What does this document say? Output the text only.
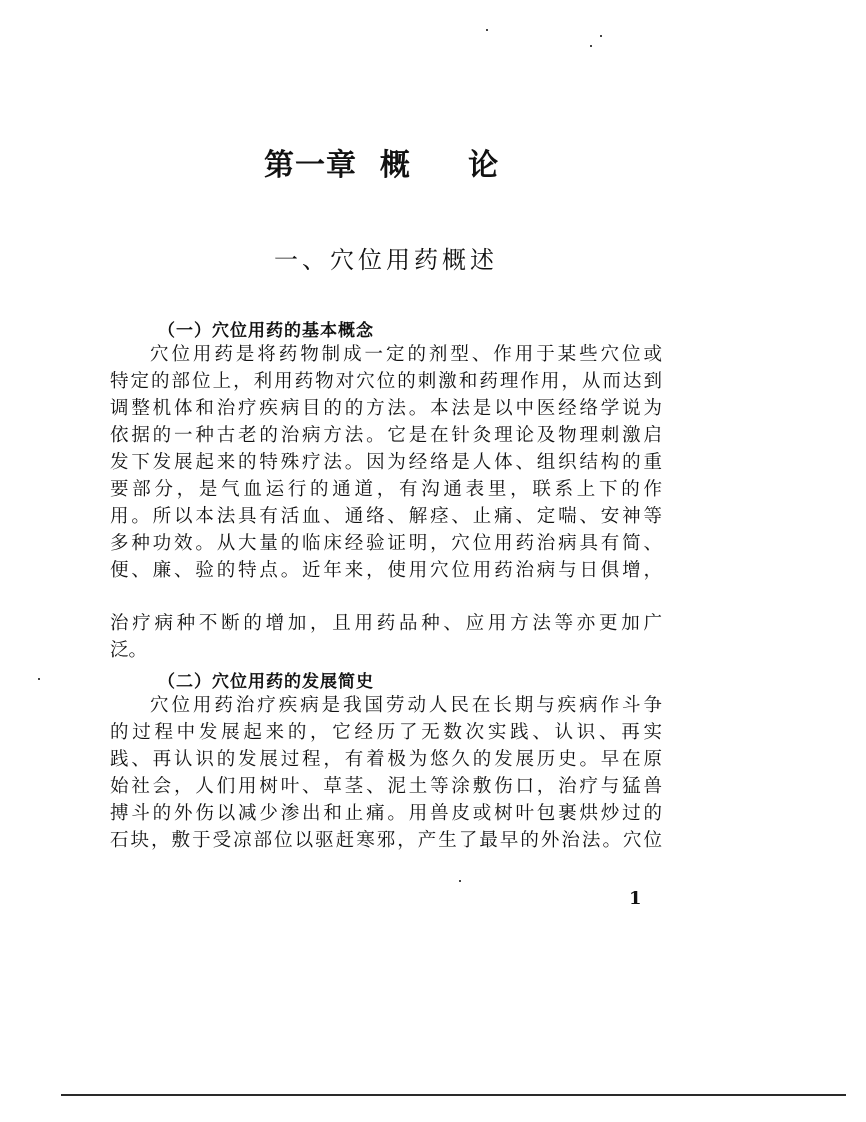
第一章  概     论
一、穴位用药概述
（一）穴位用药的基本概念
穴位用药是将药物制成一定的剂型、作用于某些穴位或
特定的部位上，利用药物对穴位的刺激和药理作用，从而达到
调整机体和治疗疾病目的的方法。本法是以中医经络学说为
依据的一种古老的治病方法。它是在针灸理论及物理刺激启
发下发展起来的特殊疗法。因为经络是人体、组织结构的重
要部分，是气血运行的通道，有沟通表里，联系上下的作
用。所以本法具有活血、通络、解痉、止痛、定喘、安神等
多种功效。从大量的临床经验证明，穴位用药治病具有简、
便、廉、验的特点。近年来，使用穴位用药治病与日俱增，
治疗病种不断的增加，且用药品种、应用方法等亦更加广
泛。
（二）穴位用药的发展简史
穴位用药治疗疾病是我国劳动人民在长期与疾病作斗争
的过程中发展起来的，它经历了无数次实践、认识、再实
践、再认识的发展过程，有着极为悠久的发展历史。早在原
始社会，人们用树叶、草茎、泥土等涂敷伤口，治疗与猛兽
搏斗的外伤以减少渗出和止痛。用兽皮或树叶包裹烘炒过的
石块，敷于受凉部位以驱赶寒邪，产生了最早的外治法。穴位
1
